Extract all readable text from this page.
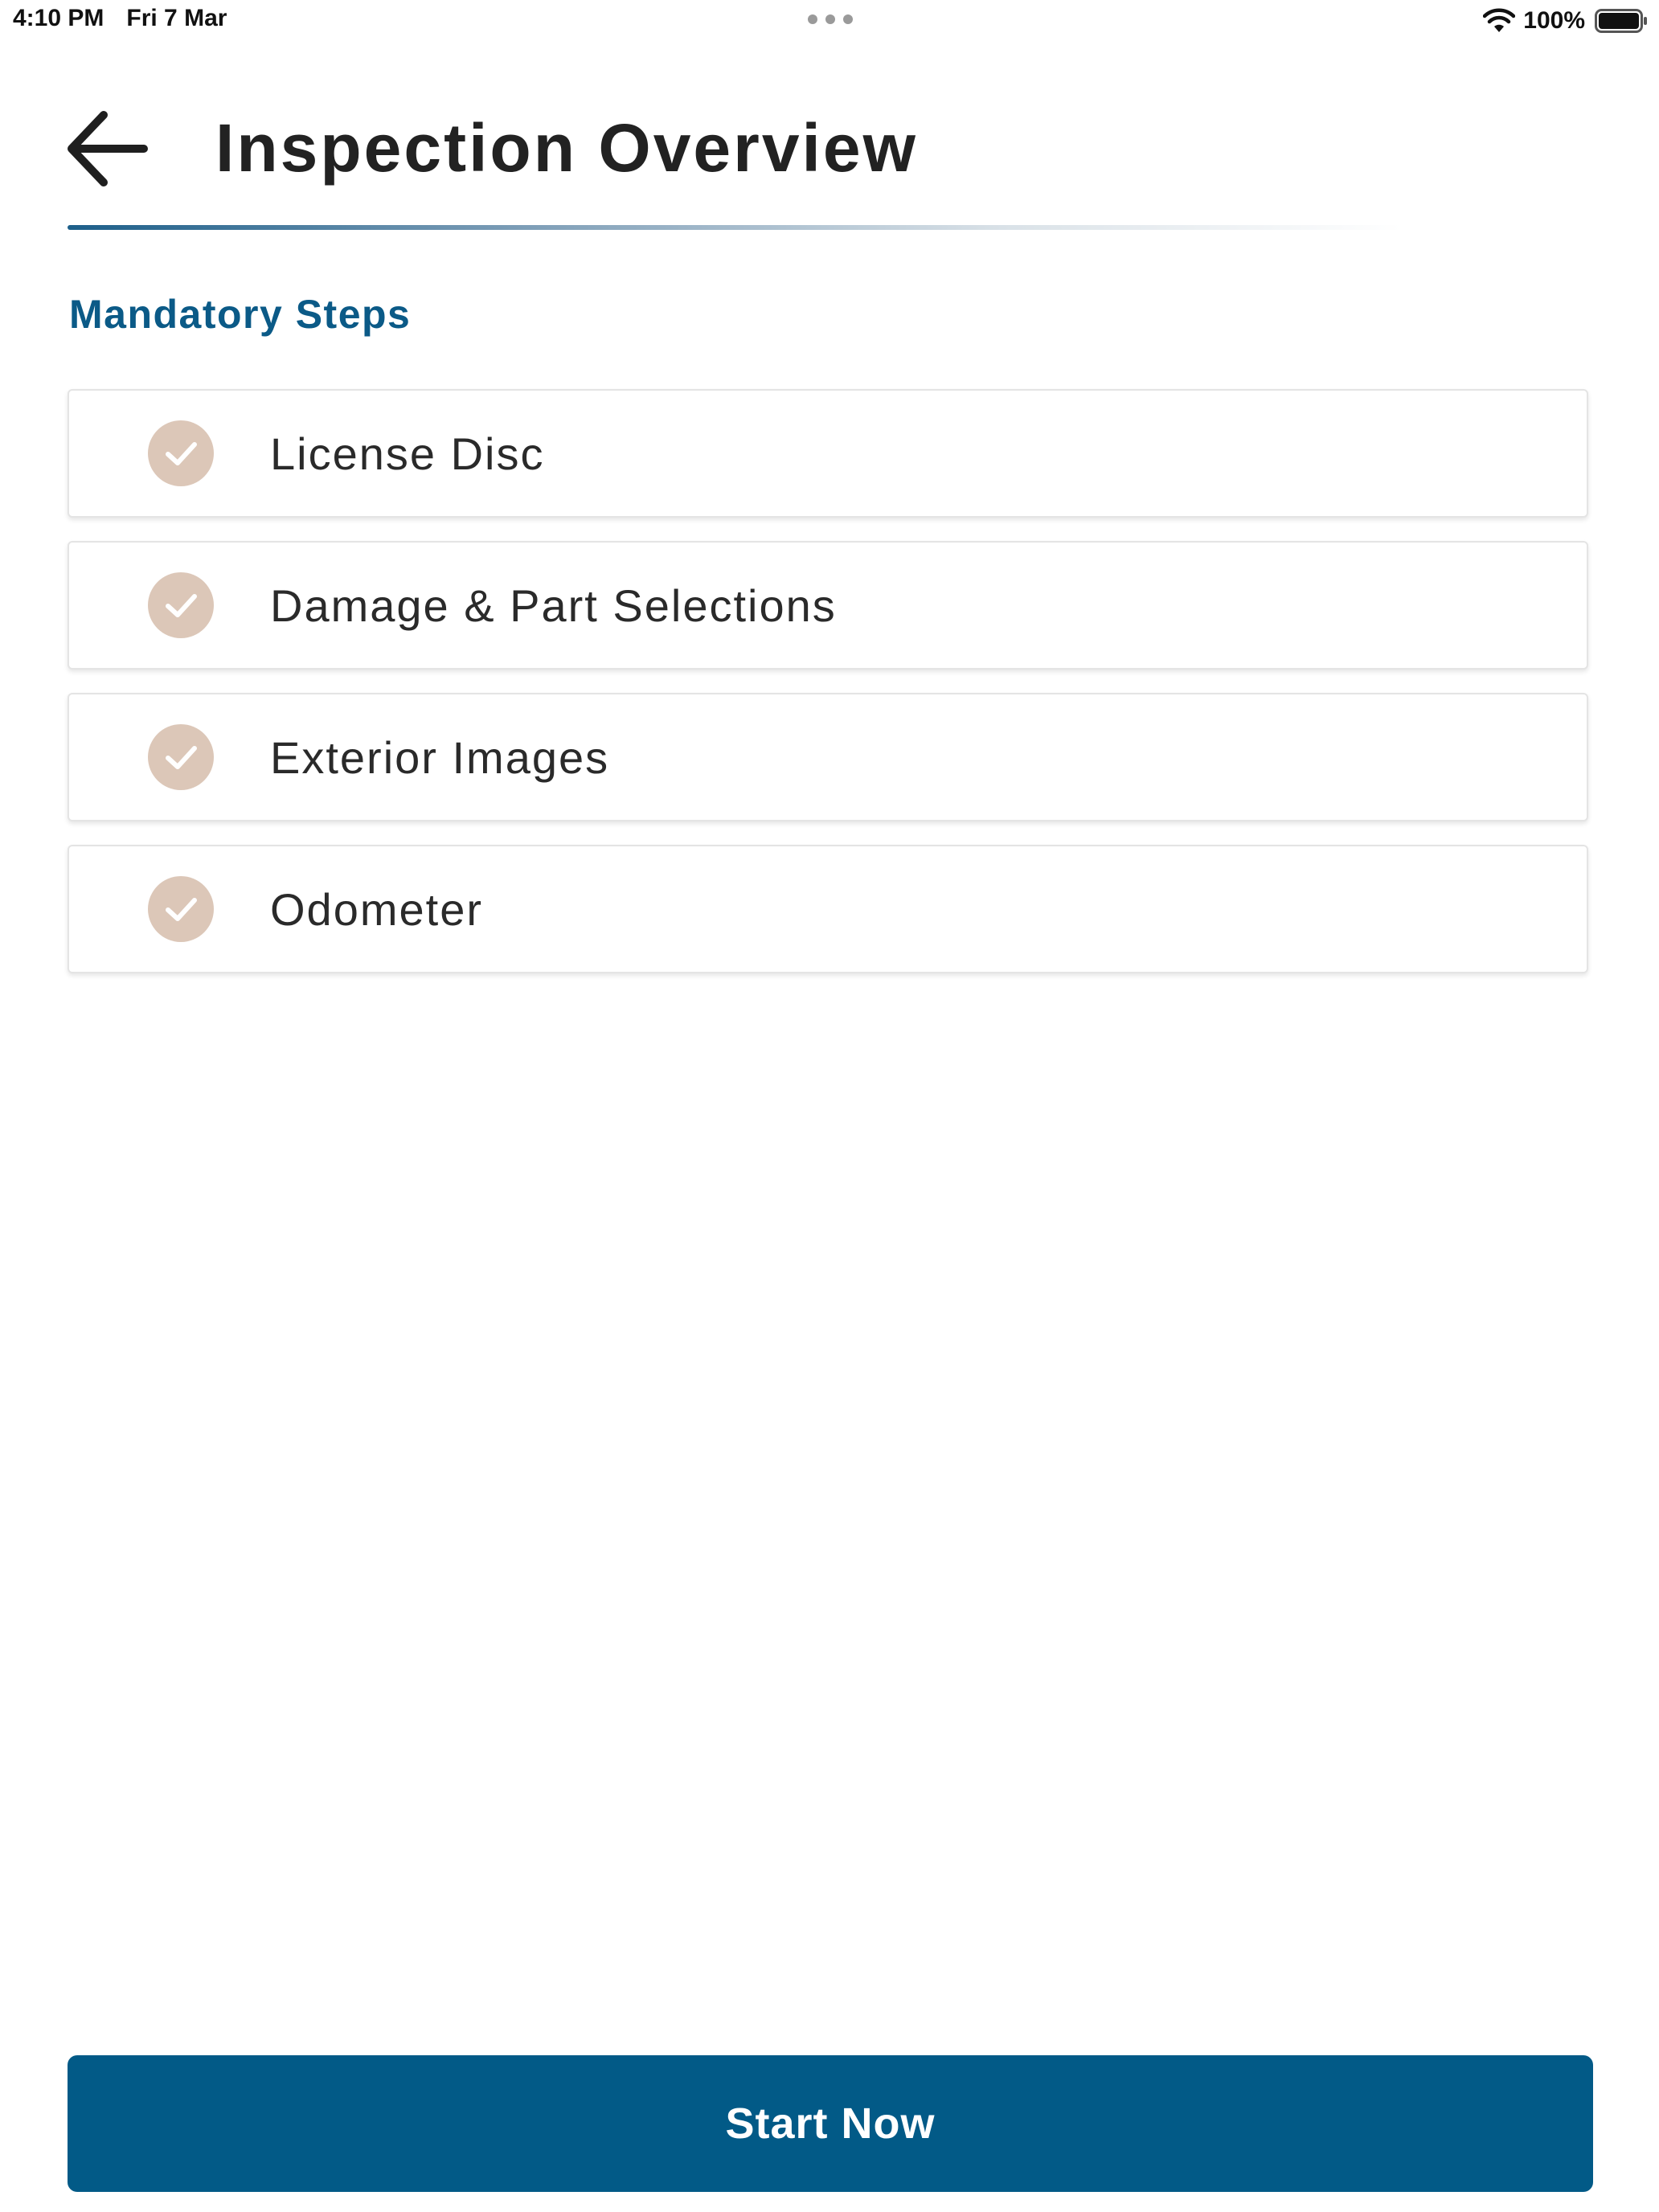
4:10 PM Fri 7 Mar	100%
Inspection Overview
Mandatory Steps
License Disc
Damage & Part Selections
Exterior Images
Odometer
Start Now
